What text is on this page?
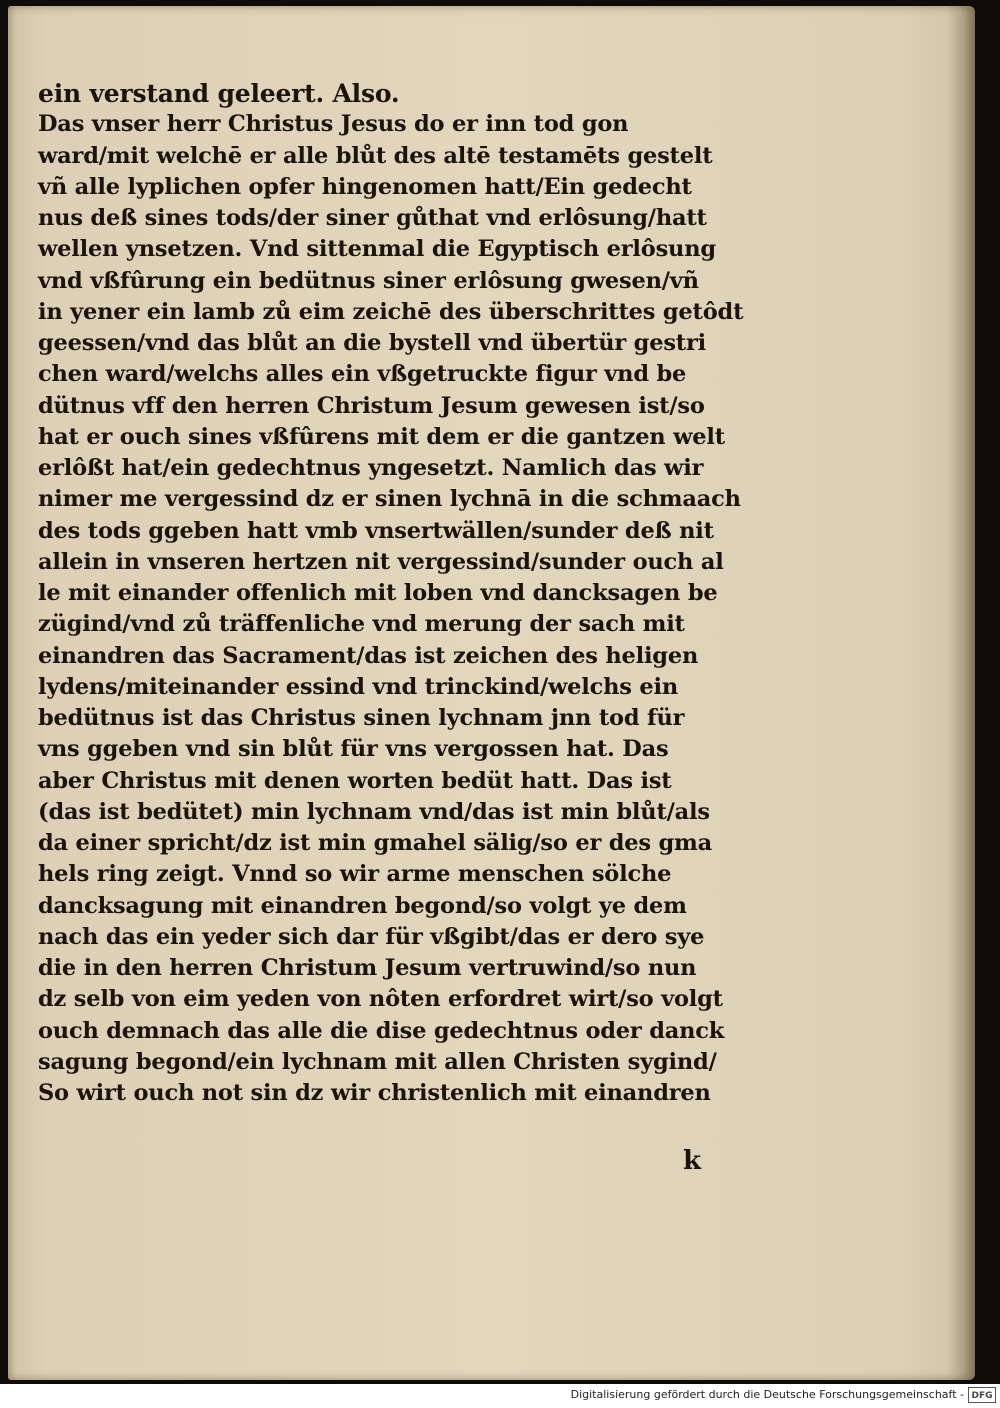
ein verstand geleert. Also.
Das vnser herr Christus Jesus do er inn tod gon
ward/mit welchē er alle blůt des altē testamēts gestelt
vñ alle lyplichen opfer hingenomen hatt/Ein gedecht
nus deß sines tods/der siner gůthat vnd erlôsung/hatt
wellen ynsetzen. Vnd sittenmal die Egyptisch erlôsung
vnd vßfûrung ein bedütnus siner erlôsung gwesen/vñ
in yener ein lamb zů eim zeichē des überschrittes getôdt
geessen/vnd das blůt an die bystell vnd übertür gestri
chen ward/welchs alles ein vßgetruckte figur vnd be
dütnus vff den herren Christum Jesum gewesen ist/so
hat er ouch sines vßfûrens mit dem er die gantzen welt
erlôßt hat/ein gedechtnus yngesetzt. Namlich das wir
nimer me vergessind dz er sinen lychnā in die schmaach
des tods ggeben hatt vmb vnsertwällen/sunder deß nit
allein in vnseren hertzen nit vergessind/sunder ouch al
le mit einander offenlich mit loben vnd dancksagen be
zügind/vnd zů träffenliche vnd merung der sach mit
einandren das Sacrament/das ist zeichen des heligen
lydens/miteinander essind vnd trinckind/welchs ein
bedütnus ist das Christus sinen lychnam jnn tod für
vns ggeben vnd sin blůt für vns vergossen hat. Das
aber Christus mit denen worten bedüt hatt. Das ist
(das ist bedütet) min lychnam vnd/das ist min blůt/als
da einer spricht/dz ist min gmahel sälig/so er des gma
hels ring zeigt. Vnnd so wir arme menschen sölche
dancksagung mit einandren begond/so volgt ye dem
nach das ein yeder sich dar für vßgibt/das er dero sye
die in den herren Christum Jesum vertruwind/so nun
dz selb von eim yeden von nôten erfordret wirt/so volgt
ouch demnach das alle die dise gedechtnus oder danck
sagung begond/ein lychnam mit allen Christen sygind/
So wirt ouch not sin dz wir christenlich mit einandren
k
Digitalisierung gefördert durch die Deutsche Forschungsgemeinschaft - DFG
